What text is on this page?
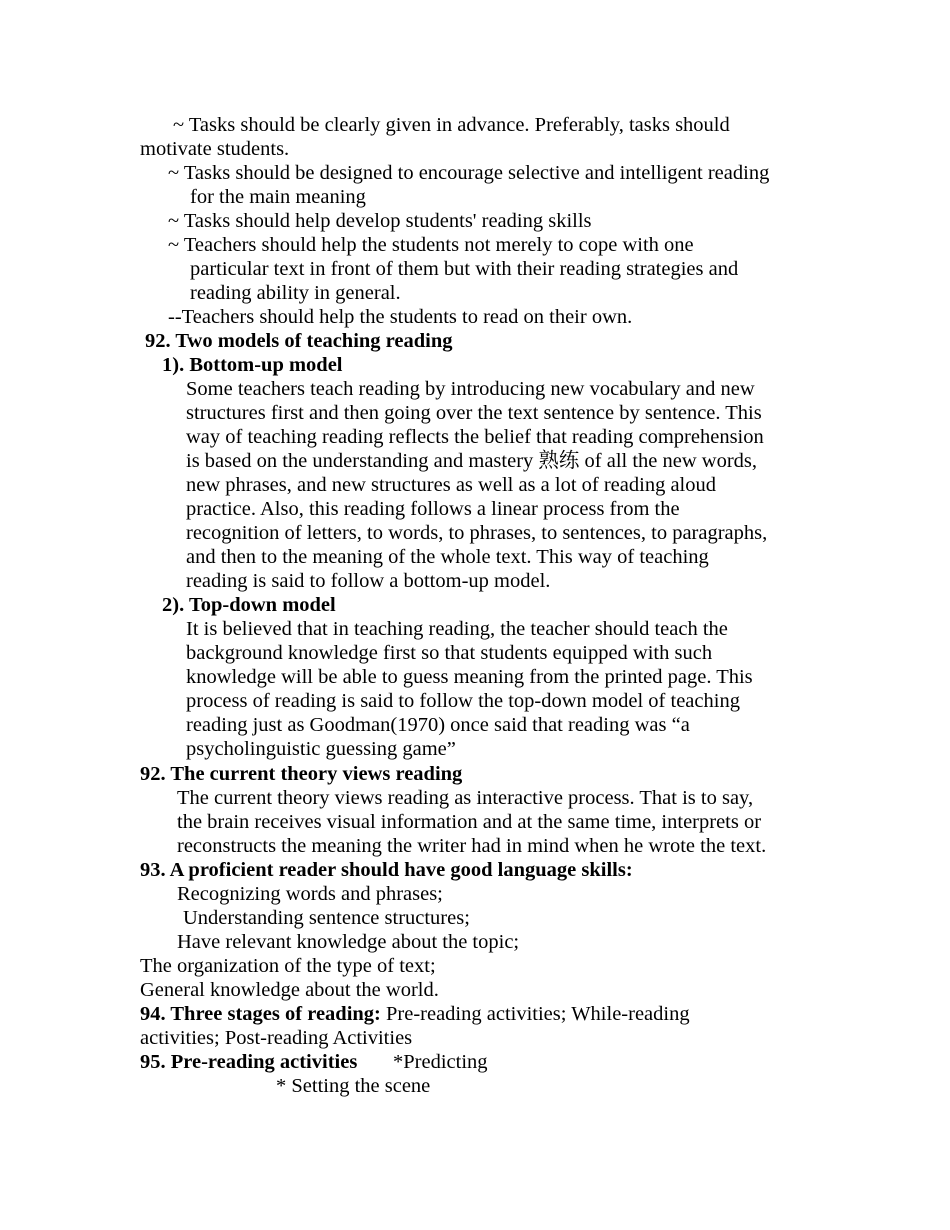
~ Tasks should be clearly given in advance. Preferably, tasks should
motivate students.
~ Tasks should be designed to encourage selective and intelligent reading
for the main meaning
~ Tasks should help develop students' reading skills
~ Teachers should help the students not merely to cope with one
particular text in front of them but with their reading strategies and
reading ability in general.
--Teachers should help the students to read on their own.
92. Two models of teaching reading
1). Bottom-up model
Some teachers teach reading by introducing new vocabulary and new
structures first and then going over the text sentence by sentence. This
way of teaching reading reflects the belief that reading comprehension
is based on the understanding and mastery 熟练 of all the new words,
new phrases, and new structures as well as a lot of reading aloud
practice. Also, this reading follows a linear process from the
recognition of letters, to words, to phrases, to sentences, to paragraphs,
and then to the meaning of the whole text. This way of teaching
reading is said to follow a bottom-up model.
2). Top-down model
It is believed that in teaching reading, the teacher should teach the
background knowledge first so that students equipped with such
knowledge will be able to guess meaning from the printed page. This
process of reading is said to follow the top-down model of teaching
reading just as Goodman(1970) once said that reading was “a
psycholinguistic guessing game”
92. The current theory views reading
The current theory views reading as interactive process. That is to say,
the brain receives visual information and at the same time, interprets or
reconstructs the meaning the writer had in mind when he wrote the text.
93. A proficient reader should have good language skills:
Recognizing words and phrases;
Understanding sentence structures;
Have relevant knowledge about the topic;
The organization of the type of text;
General knowledge about the world.
94. Three stages of reading: Pre-reading activities; While-reading
activities; Post-reading Activities
95. Pre-reading activities *Predicting
* Setting the scene
